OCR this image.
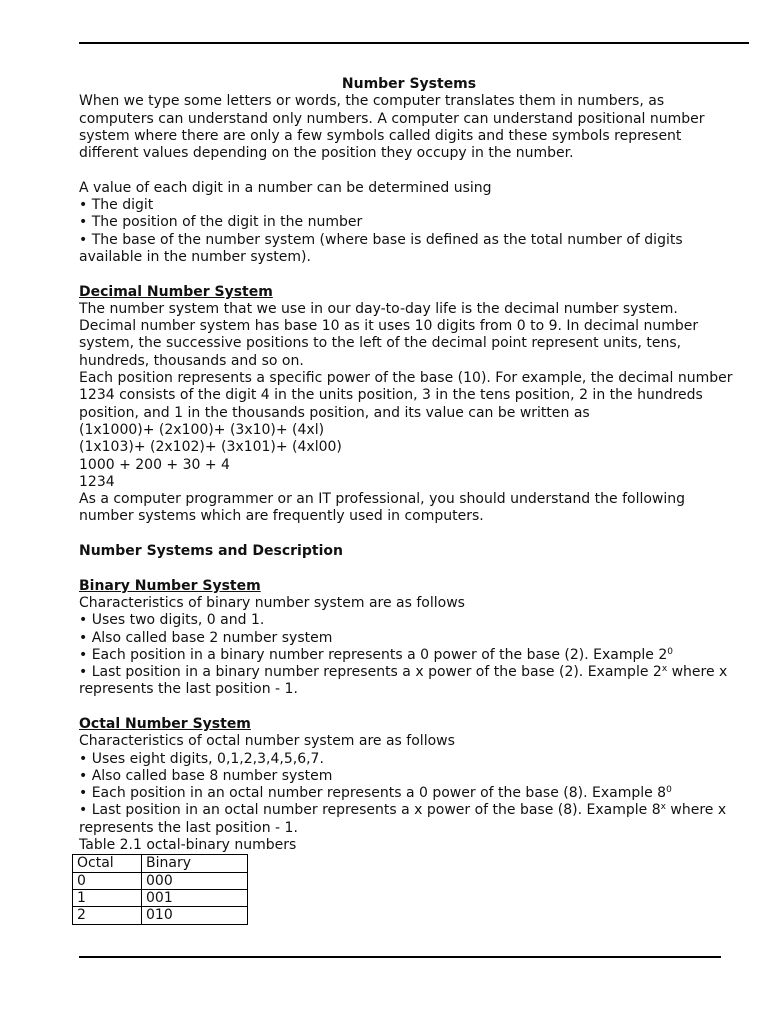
Number Systems

When we type some letters or words, the computer translates them in numbers, as computers can understand only numbers. A computer can understand positional number system where there are only a few symbols called digits and these symbols represent different values depending on the position they occupy in the number.

A value of each digit in a number can be determined using

• The digit

• The position of the digit in the number

• The base of the number system (where base is defined as the total number of digits available in the number system).

Decimal Number System

The number system that we use in our day-to-day life is the decimal number system. Decimal number system has base 10 as it uses 10 digits from 0 to 9. In decimal number system, the successive positions to the left of the decimal point represent units, tens, hundreds, thousands and so on.

Each position represents a specific power of the base (10). For example, the decimal number 1234 consists of the digit 4 in the units position, 3 in the tens position, 2 in the hundreds position, and 1 in the thousands position, and its value can be written as

(1x1000)+ (2x100)+ (3x10)+ (4xl)

(1x103)+ (2x102)+ (3x101)+ (4xl00)

1000 + 200 + 30 + 4

1234

As a computer programmer or an IT professional, you should understand the following number systems which are frequently used in computers.

Number Systems and Description

Binary Number System

Characteristics of binary number system are as follows

• Uses two digits, 0 and 1.

• Also called base 2 number system

• Each position in a binary number represents a 0 power of the base (2). Example $2^0$

• Last position in a binary number represents a x power of the base (2). Example 2$^x$ where x represents the last position - 1.

Octal Number System

Characteristics of octal number system are as follows

• Uses eight digits, 0,1,2,3,4,5,6,7.

• Also called base 8 number system

• Each position in an octal number represents a 0 power of the base (8). Example $8^0$

• Last position in an octal number represents a x power of the base (8). Example 8$^x$ where x represents the last position - 1.

Table 2.1 octal-binary numbers

Octal	Binary
0	000
1	001
2	010
